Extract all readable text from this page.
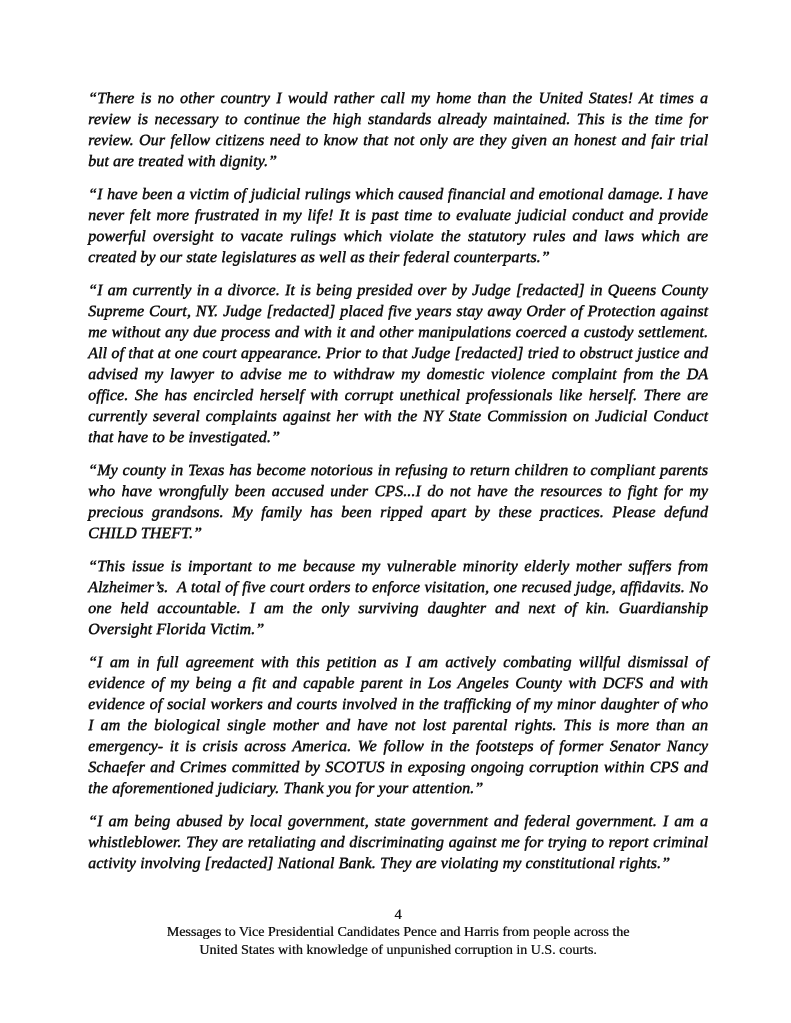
“There is no other country I would rather call my home than the United States! At times a review is necessary to continue the high standards already maintained. This is the time for review. Our fellow citizens need to know that not only are they given an honest and fair trial but are treated with dignity.”

“I have been a victim of judicial rulings which caused financial and emotional damage. I have never felt more frustrated in my life! It is past time to evaluate judicial conduct and provide powerful oversight to vacate rulings which violate the statutory rules and laws which are created by our state legislatures as well as their federal counterparts.”

“I am currently in a divorce. It is being presided over by Judge [redacted] in Queens County Supreme Court, NY. Judge [redacted] placed five years stay away Order of Protection against me without any due process and with it and other manipulations coerced a custody settlement. All of that at one court appearance. Prior to that Judge [redacted] tried to obstruct justice and advised my lawyer to advise me to withdraw my domestic violence complaint from the DA office. She has encircled herself with corrupt unethical professionals like herself. There are currently several complaints against her with the NY State Commission on Judicial Conduct that have to be investigated.”

“My county in Texas has become notorious in refusing to return children to compliant parents who have wrongfully been accused under CPS...I do not have the resources to fight for my precious grandsons. My family has been ripped apart by these practices. Please defund CHILD THEFT.”

“This issue is important to me because my vulnerable minority elderly mother suffers from Alzheimer’s.  A total of five court orders to enforce visitation, one recused judge, affidavits. No one held accountable. I am the only surviving daughter and next of kin. Guardianship Oversight Florida Victim.”

“I am in full agreement with this petition as I am actively combating willful dismissal of evidence of my being a fit and capable parent in Los Angeles County with DCFS and with evidence of social workers and courts involved in the trafficking of my minor daughter of who I am the biological single mother and have not lost parental rights. This is more than an emergency- it is crisis across America. We follow in the footsteps of former Senator Nancy Schaefer and Crimes committed by SCOTUS in exposing ongoing corruption within CPS and the aforementioned judiciary. Thank you for your attention.”

“I am being abused by local government, state government and federal government. I am a whistleblower. They are retaliating and discriminating against me for trying to report criminal activity involving [redacted] National Bank. They are violating my constitutional rights.”

4
Messages to Vice Presidential Candidates Pence and Harris from people across the
United States with knowledge of unpunished corruption in U.S. courts.
